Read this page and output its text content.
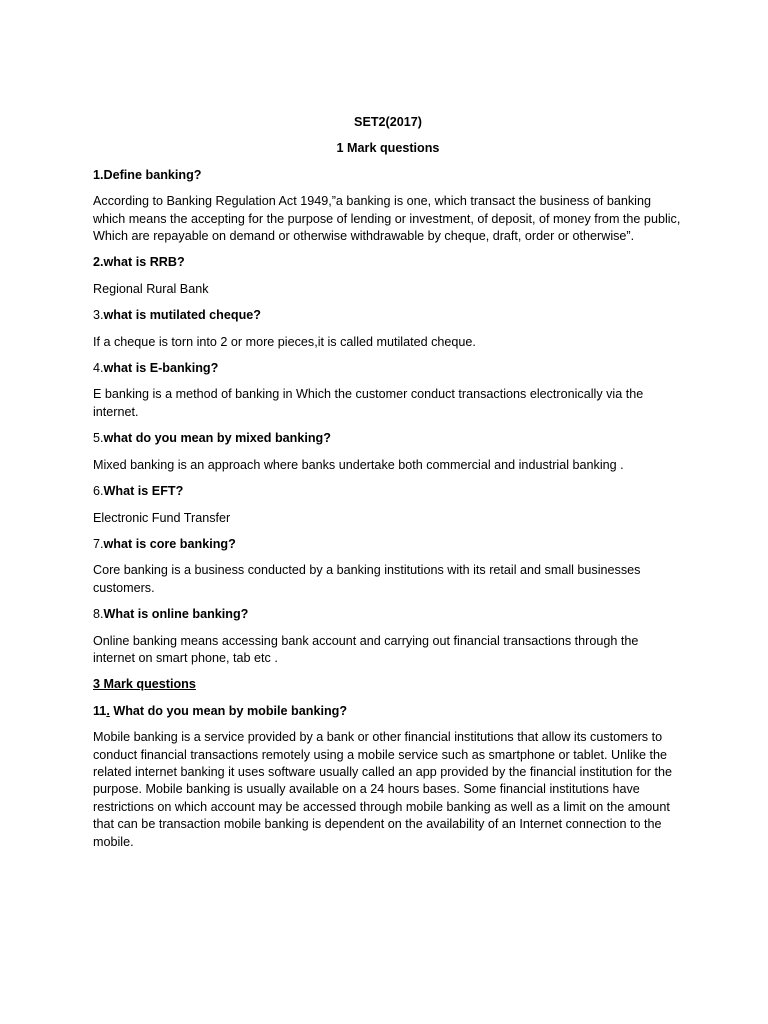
SET2(2017)

1 Mark questions

1.Define banking?

According to Banking Regulation Act 1949,”a banking is one, which transact the business of banking which means the accepting for the purpose of lending or investment, of deposit, of money from the public, Which are repayable on demand or otherwise withdrawable by cheque, draft, order or otherwise”.

2.what is RRB?

Regional Rural Bank

3.what is mutilated cheque?

If a cheque is torn into 2 or more pieces,it is called mutilated cheque.

4.what is E-banking?

E banking is a method of banking in Which the customer conduct transactions electronically via the internet.

5.what do you mean by mixed banking?

Mixed banking is an approach where banks undertake both commercial and industrial banking .

6.What is EFT?

Electronic Fund Transfer

7.what is core banking?

Core banking is a business conducted by a banking institutions with its retail and small businesses customers.

8.What is online banking?

Online banking means accessing bank account and carrying out financial transactions through the internet on smart phone, tab etc .

3 Mark questions

11. What do you mean by mobile banking?

Mobile banking is a service provided by a bank or other financial institutions that allow its customers to conduct financial transactions remotely using a mobile service such as smartphone or tablet. Unlike the related internet banking it uses software usually called an app provided by the financial institution for the purpose. Mobile banking is usually available on a 24 hours bases. Some financial institutions have restrictions on which account may be accessed through mobile banking as well as a limit on the amount that can be transaction mobile banking is dependent on the availability of an Internet connection to the mobile.
